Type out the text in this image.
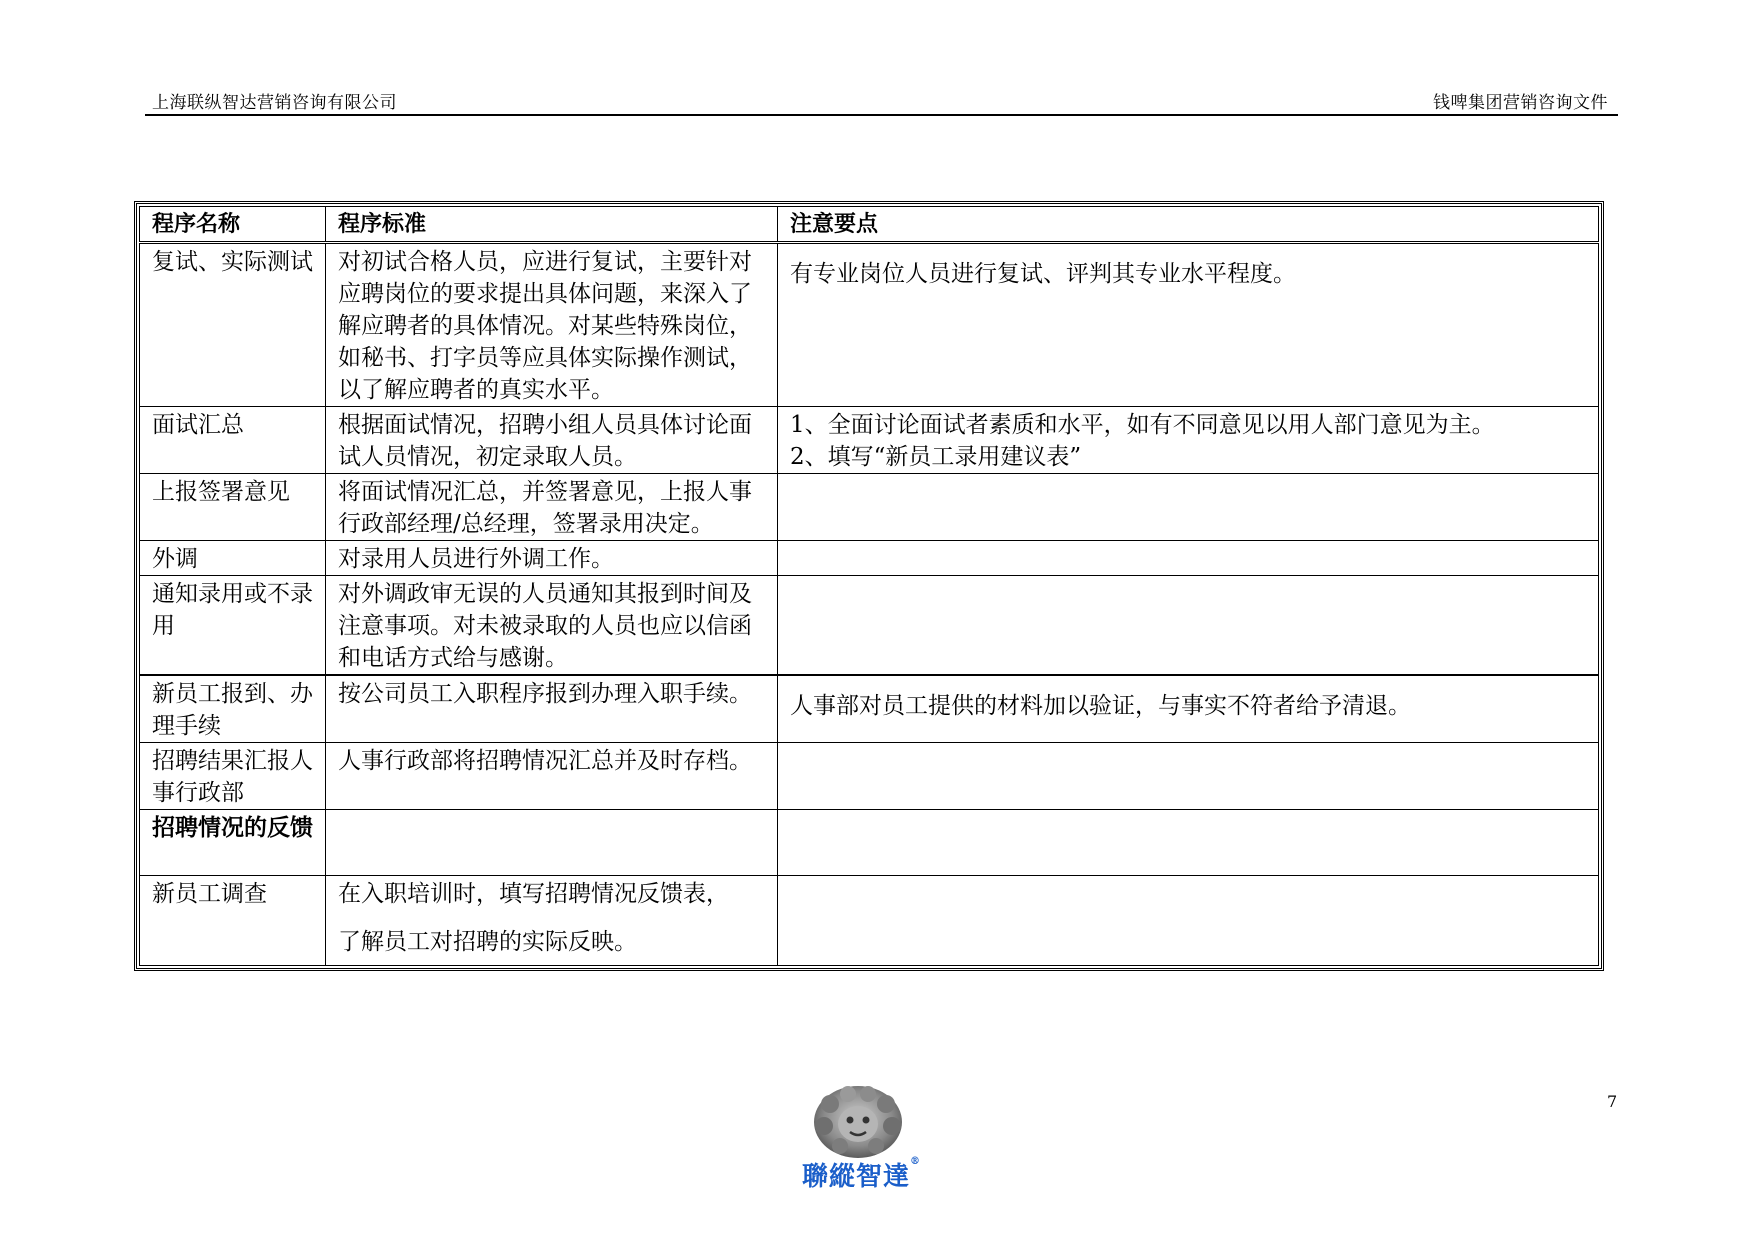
上海联纵智达营销咨询有限公司	钱啤集团营销咨询文件
程序名称	程序标准	注意要点
复试、实际测试	对初试合格人员，应进行复试，主要针对应聘岗位的要求提出具体问题，来深入了解应聘者的具体情况。对某些特殊岗位，如秘书、打字员等应具体实际操作测试，以了解应聘者的真实水平。	有专业岗位人员进行复试、评判其专业水平程度。
面试汇总	根据面试情况，招聘小组人员具体讨论面试人员情况，初定录取人员。	1、全面讨论面试者素质和水平，如有不同意见以用人部门意见为主。
2、填写“新员工录用建议表”

上报签署意见	将面试情况汇总，并签署意见，上报人事行政部经理/总经理，签署录用决定。	
外调	对录用人员进行外调工作。	
通知录用或不录用	对外调政审无误的人员通知其报到时间及注意事项。对未被录取的人员也应以信函和电话方式给与感谢。	
新员工报到、办理手续	按公司员工入职程序报到办理入职手续。	人事部对员工提供的材料加以验证，与事实不符者给予清退。
招聘结果汇报人事行政部	人事行政部将招聘情况汇总并及时存档。	
招聘情况的反馈		
新员工调查	在入职培训时，填写招聘情况反馈表，
了解员工对招聘的实际反映。	

7
聯縱智達®
